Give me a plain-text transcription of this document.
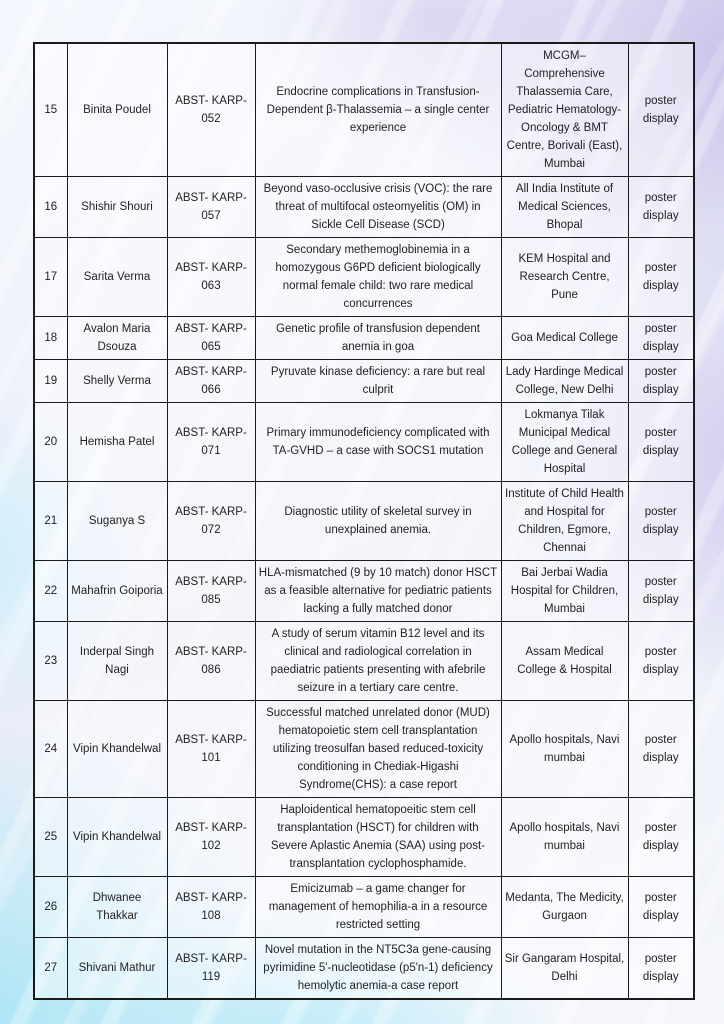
15	Binita Poudel	ABST- KARP-052	Endocrine complications in Transfusion-Dependent β-Thalassemia – a single center experience	MCGM–Comprehensive Thalassemia Care, Pediatric Hematology-Oncology & BMT Centre, Borivali (East), Mumbai	poster display
16	Shishir Shouri	ABST- KARP-057	Beyond vaso-occlusive crisis (VOC): the rare threat of multifocal osteomyelitis (OM) in Sickle Cell Disease (SCD)	All India Institute of Medical Sciences, Bhopal	poster display
17	Sarita Verma	ABST- KARP-063	Secondary methemoglobinemia in a homozygous G6PD deficient biologically normal female child: two rare medical concurrences	KEM Hospital and Research Centre, Pune	poster display
18	Avalon Maria Dsouza	ABST- KARP-065	Genetic profile of transfusion dependent anemia in goa	Goa Medical College	poster display
19	Shelly Verma	ABST- KARP-066	Pyruvate kinase deficiency: a rare but real culprit	Lady Hardinge Medical College, New Delhi	poster display
20	Hemisha Patel	ABST- KARP-071	Primary immunodeficiency complicated with TA-GVHD – a case with SOCS1 mutation	Lokmanya Tilak Municipal Medical College and General Hospital	poster display
21	Suganya S	ABST- KARP-072	Diagnostic utility of skeletal survey in unexplained anemia.	Institute of Child Health and Hospital for Children, Egmore, Chennai	poster display
22	Mahafrin Goiporia	ABST- KARP-085	HLA-mismatched (9 by 10 match) donor HSCT as a feasible alternative for pediatric patients lacking a fully matched donor	Bai Jerbai Wadia Hospital for Children, Mumbai	poster display
23	Inderpal Singh Nagi	ABST- KARP-086	A study of serum vitamin B12 level and its clinical and radiological correlation in paediatric patients presenting with afebrile seizure in a tertiary care centre.	Assam Medical College & Hospital	poster display
24	Vipin Khandelwal	ABST- KARP-101	Successful matched unrelated donor (MUD) hematopoietic stem cell transplantation utilizing treosulfan based reduced-toxicity conditioning in Chediak-Higashi Syndrome(CHS): a case report	Apollo hospitals, Navi mumbai	poster display
25	Vipin Khandelwal	ABST- KARP-102	Haploidentical hematopoeitic stem cell transplantation (HSCT) for children with Severe Aplastic Anemia (SAA) using post-transplantation cyclophosphamide.	Apollo hospitals, Navi mumbai	poster display
26	Dhwanee Thakkar	ABST- KARP-108	Emicizumab – a game changer for management of hemophilia-a in a resource restricted setting	Medanta, The Medicity, Gurgaon	poster display
27	Shivani Mathur	ABST- KARP-119	Novel mutation in the NT5C3a gene-causing pyrimidine 5'-nucleotidase (p5'n-1) deficiency hemolytic anemia-a case report	Sir Gangaram Hospital, Delhi	poster display
